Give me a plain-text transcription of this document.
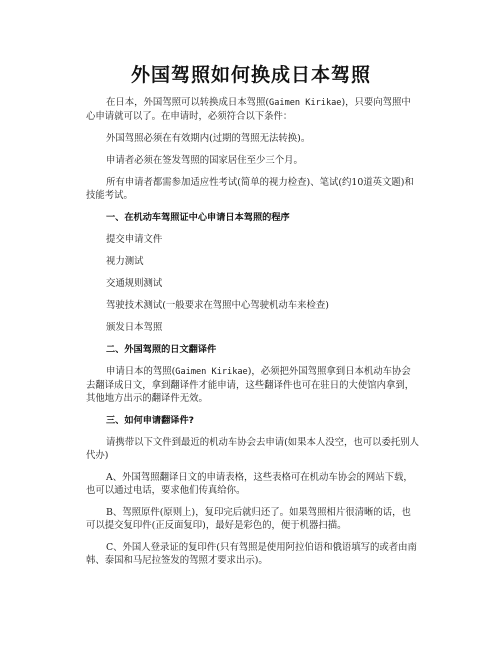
外国驾照如何换成日本驾照

在日本，外国驾照可以转换成日本驾照(Gaimen Kirikae)，只要向驾照中心申请就可以了。在申请时，必须符合以下条件：

外国驾照必须在有效期内(过期的驾照无法转换)。

申请者必须在签发驾照的国家居住至少三个月。

所有申请者都需参加适应性考试(简单的视力检查)、笔试(约10道英文题)和技能考试。

一、在机动车驾照证中心申请日本驾照的程序

提交申请文件

视力测试

交通规则测试

驾驶技术测试(一般要求在驾照中心驾驶机动车来检查)

颁发日本驾照

二、外国驾照的日文翻译件

申请日本的驾照(Gaimen Kirikae)，必须把外国驾照拿到日本机动车协会去翻译成日文，拿到翻译件才能申请，这些翻译件也可在驻日的大使馆内拿到，其他地方出示的翻译件无效。

三、如何申请翻译件?

请携带以下文件到最近的机动车协会去申请(如果本人没空，也可以委托别人代办)

A、外国驾照翻译日文的申请表格，这些表格可在机动车协会的网站下载，也可以通过电话，要求他们传真给你。

B、驾照原件(原则上)，复印完后就归还了。如果驾照相片很清晰的话，也可以提交复印件(正反面复印)，最好是彩色的，便于机器扫描。

C、外国人登录证的复印件(只有驾照是使用阿拉伯语和俄语填写的或者由南韩、泰国和马尼拉签发的驾照才要求出示)。
